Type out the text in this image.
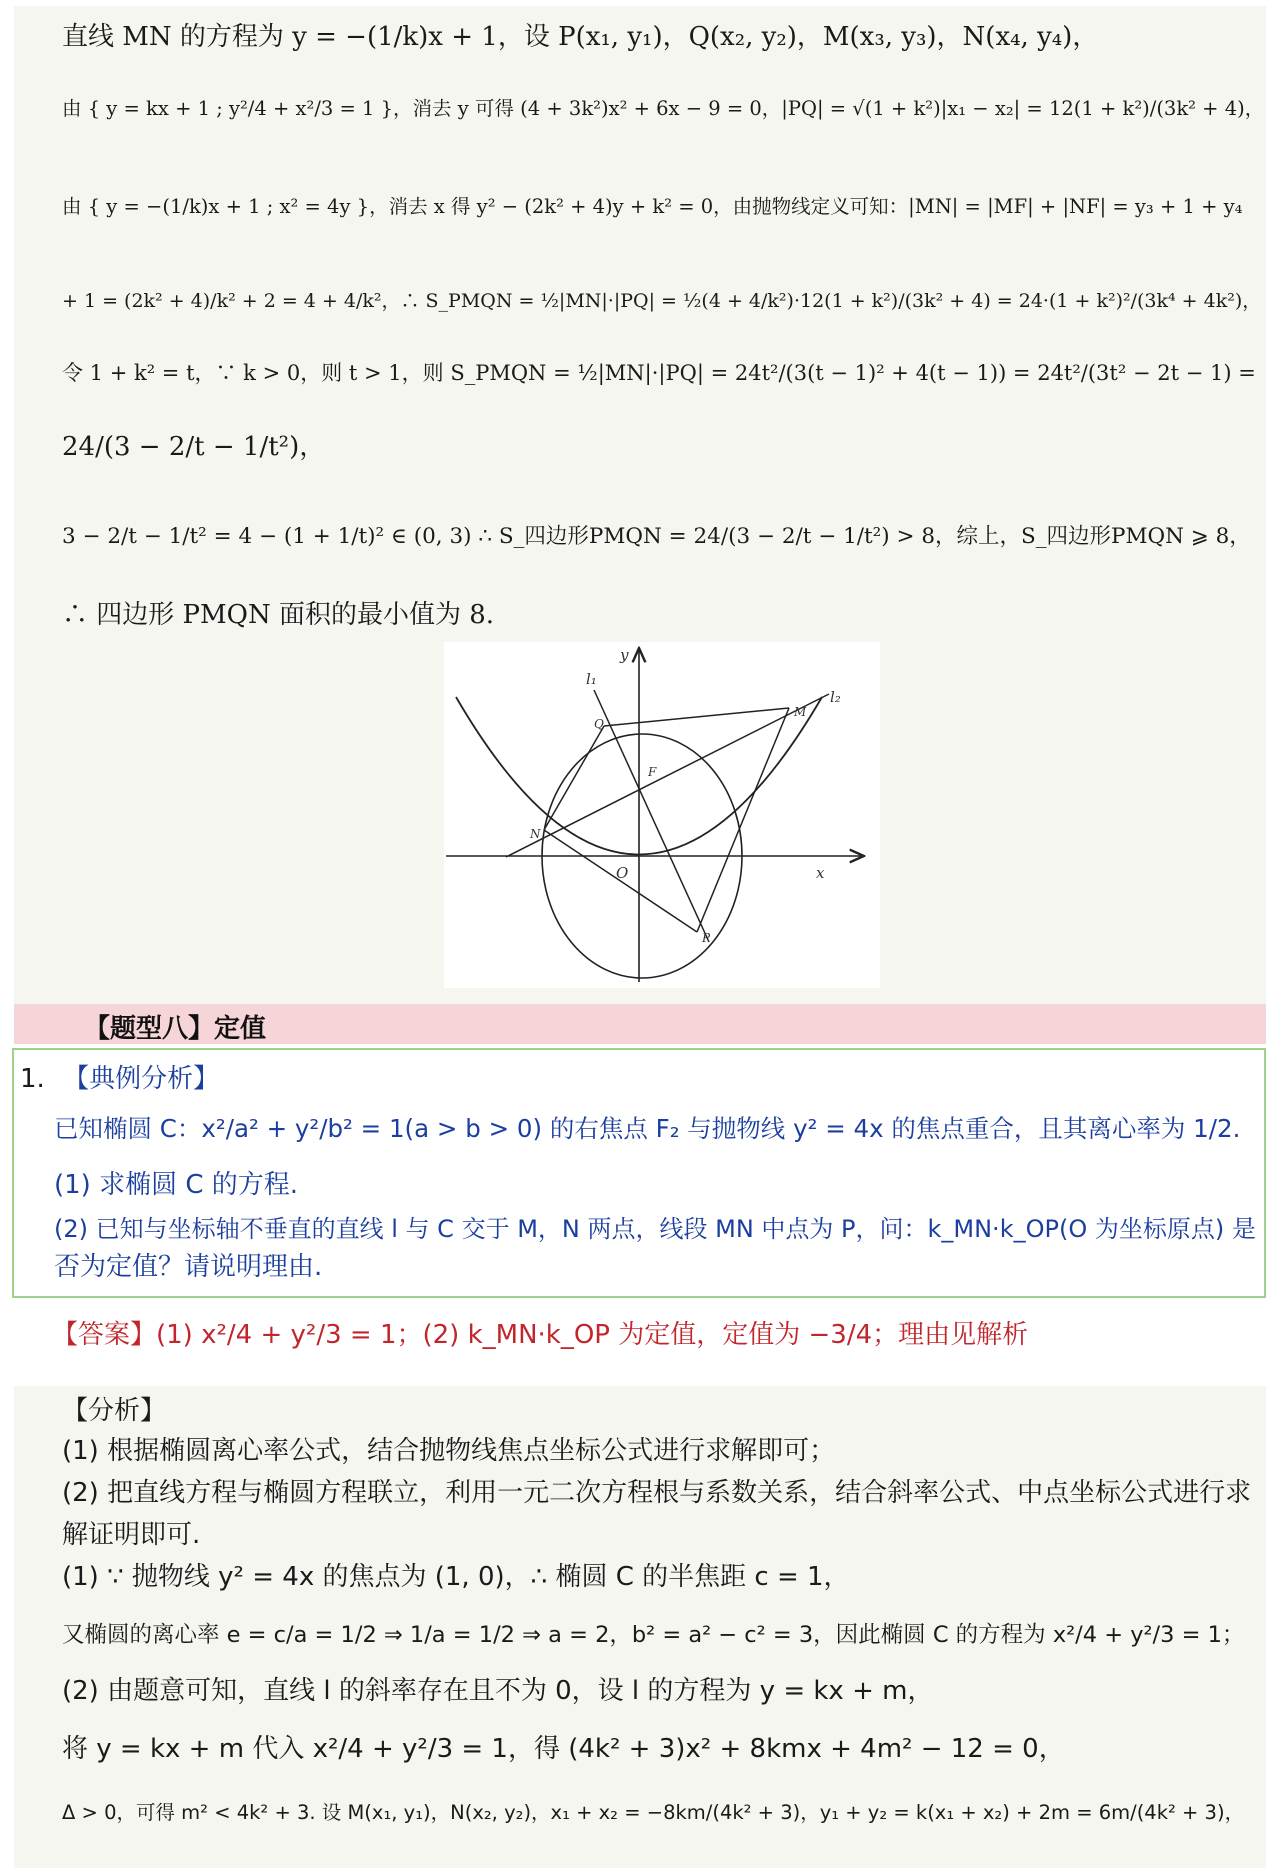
直线 MN 的方程为 y = −(1/k)x + 1，设 P(x₁, y₁)，Q(x₂, y₂)，M(x₃, y₃)，N(x₄, y₄)，
由 { y = kx + 1 ; y²/4 + x²/3 = 1 }，消去 y 可得 (4 + 3k²)x² + 6x − 9 = 0，|PQ| = √(1 + k²)|x₁ − x₂| = 12(1 + k²)/(3k² + 4)，
由 { y = −(1/k)x + 1 ; x² = 4y }，消去 x 得 y² − (2k² + 4)y + k² = 0，由抛物线定义可知：|MN| = |MF| + |NF| = y₃ + 1 + y₄
+ 1 = (2k² + 4)/k² + 2 = 4 + 4/k²，∴ S_PMQN = ½|MN|·|PQ| = ½(4 + 4/k²)·12(1 + k²)/(3k² + 4) = 24·(1 + k²)²/(3k⁴ + 4k²)，
令 1 + k² = t，∵ k > 0，则 t > 1，则 S_PMQN = ½|MN|·|PQ| = 24t²/(3(t − 1)² + 4(t − 1)) = 24t²/(3t² − 2t − 1) =
24/(3 − 2/t − 1/t²)，
3 − 2/t − 1/t² = 4 − (1 + 1/t)² ∈ (0, 3) ∴ S_四边形PMQN = 24/(3 − 2/t − 1/t²) > 8，综上，S_四边形PMQN ⩾ 8，
∴ 四边形 PMQN 面积的最小值为 8.
y
x
O
l₁
l₂
Q
M
F
N
P
【题型八】定值
1. 【典例分析】
已知椭圆 C：x²/a² + y²/b² = 1(a > b > 0) 的右焦点 F₂ 与抛物线 y² = 4x 的焦点重合，且其离心率为 1/2.
(1) 求椭圆 C 的方程.
(2) 已知与坐标轴不垂直的直线 l 与 C 交于 M，N 两点，线段 MN 中点为 P，问：k_MN·k_OP(O 为坐标原点) 是
否为定值？请说明理由.
【答案】(1) x²/4 + y²/3 = 1；(2) k_MN·k_OP 为定值，定值为 −3/4；理由见解析
【分析】
(1) 根据椭圆离心率公式，结合抛物线焦点坐标公式进行求解即可；
(2) 把直线方程与椭圆方程联立，利用一元二次方程根与系数关系，结合斜率公式、中点坐标公式进行求
解证明即可.
(1) ∵ 抛物线 y² = 4x 的焦点为 (1, 0)，∴ 椭圆 C 的半焦距 c = 1，
又椭圆的离心率 e = c/a = 1/2 ⇒ 1/a = 1/2 ⇒ a = 2，b² = a² − c² = 3，因此椭圆 C 的方程为 x²/4 + y²/3 = 1；
(2) 由题意可知，直线 l 的斜率存在且不为 0，设 l 的方程为 y = kx + m，
将 y = kx + m 代入 x²/4 + y²/3 = 1，得 (4k² + 3)x² + 8kmx + 4m² − 12 = 0，
Δ > 0，可得 m² < 4k² + 3. 设 M(x₁, y₁)，N(x₂, y₂)，x₁ + x₂ = −8km/(4k² + 3)，y₁ + y₂ = k(x₁ + x₂) + 2m = 6m/(4k² + 3)，
